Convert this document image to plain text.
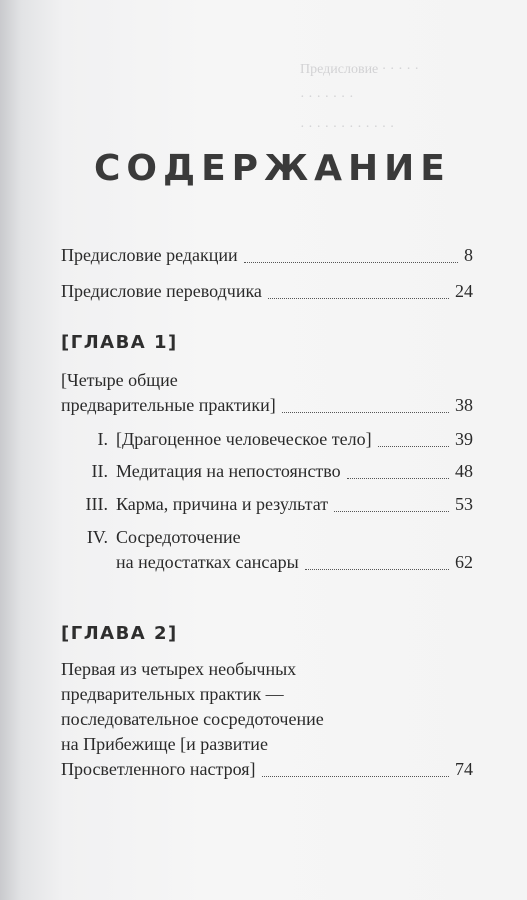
Предисловие · · · · ·
· · · · · · ·
· · · · · · · · · · · ·
СОДЕРЖАНИЕ
Предисловие редакции	8
Предисловие переводчика	24
[ГЛАВА 1]
[Четыре общие
предварительные практики]	38
I. [Драгоценное человеческое тело]	39
II. Медитация на непостоянство	48
III. Карма, причина и результат	53
IV. Сосредоточение
на недостатках сансары	62
[ГЛАВА 2]
Первая из четырех необычных
предварительных практик —
последовательное сосредоточение
на Прибежище [и развитие
Просветленного настроя]	74
